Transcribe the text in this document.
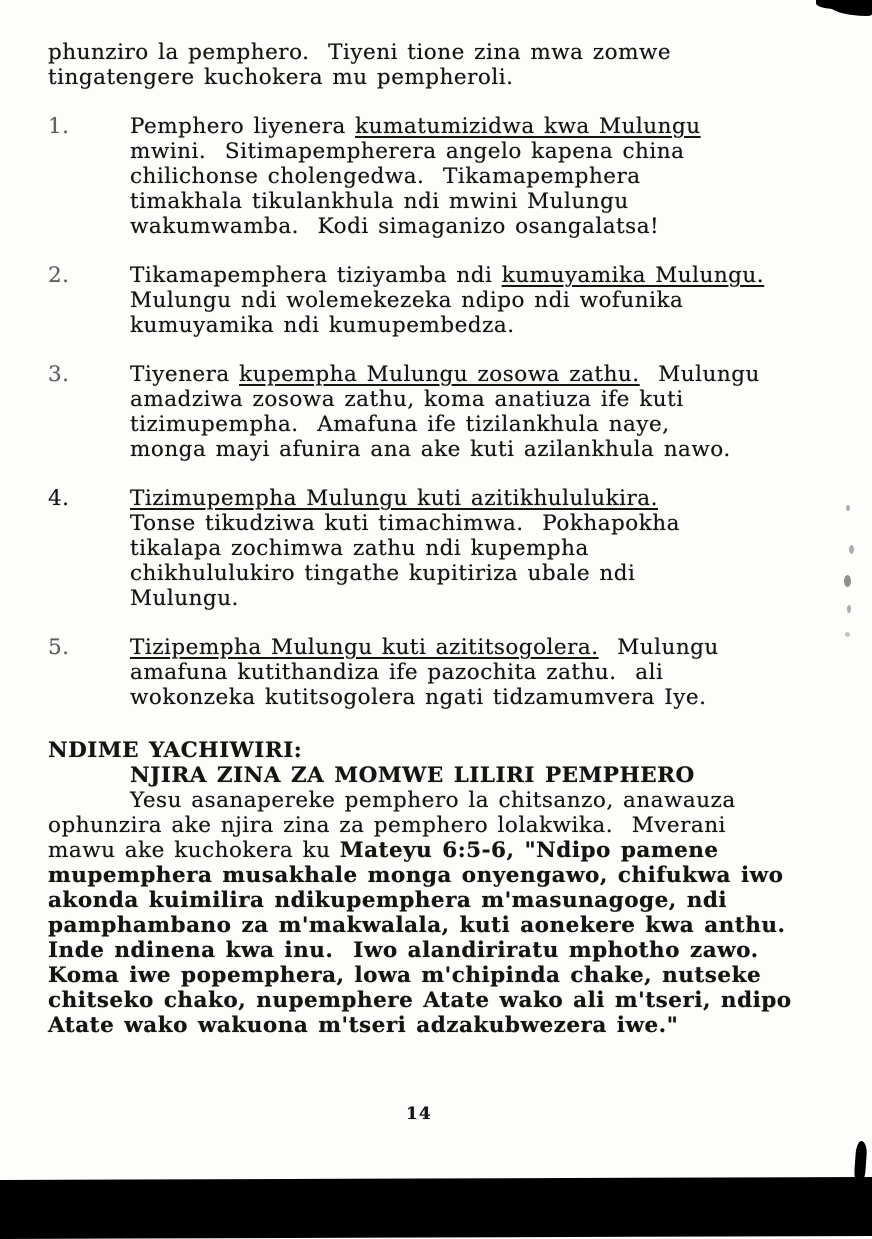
phunziro la pemphero.  Tiyeni tione zina mwa zomwe
tingatengere kuchokera mu pempheroli.
1.	Pemphero liyenera kumatumizidwa kwa Mulungu
mwini.  Sitimapempherera angelo kapena china
chilichonse cholengedwa.  Tikamapemphera
timakhala tikulankhula ndi mwini Mulungu
wakumwamba.  Kodi simaganizo osangalatsa!
2.	Tikamapemphera tiziyamba ndi kumuyamika Mulungu.
Mulungu ndi wolemekezeka ndipo ndi wofunika
kumuyamika ndi kumupembedza.
3.	Tiyenera kupempha Mulungu zosowa zathu.  Mulungu
amadziwa zosowa zathu, koma anatiuza ife kuti
tizimupempha.  Amafuna ife tizilankhula naye,
monga mayi afunira ana ake kuti azilankhula nawo.
4.	Tizimupempha Mulungu kuti azitikhululukira.
Tonse tikudziwa kuti timachimwa.  Pokhapokha
tikalapa zochimwa zathu ndi kupempha
chikhululukiro tingathe kupitiriza ubale ndi
Mulungu.
5.	Tizipempha Mulungu kuti azititsogolera.  Mulungu
amafuna kutithandiza ife pazochita zathu.  ali
wokonzeka kutitsogolera ngati tidzamumvera Iye.
NDIME YACHIWIRI:
NJIRA ZINA ZA MOMWE LILIRI PEMPHERO
Yesu asanapereke pemphero la chitsanzo, anawauza
ophunzira ake njira zina za pemphero lolakwika.  Mverani
mawu ake kuchokera ku Mateyu 6:5-6, "Ndipo pamene
mupemphera musakhale monga onyengawo, chifukwa iwo
akonda kuimilira ndikupemphera m'masunagoge, ndi
pamphambano za m'makwalala, kuti aonekere kwa anthu.
Inde ndinena kwa inu.  Iwo alandiriratu mphotho zawo.
Koma iwe popemphera, lowa m'chipinda chake, nutseke
chitseko chako, nupemphere Atate wako ali m'tseri, ndipo
Atate wako wakuona m'tseri adzakubwezera iwe."
14
